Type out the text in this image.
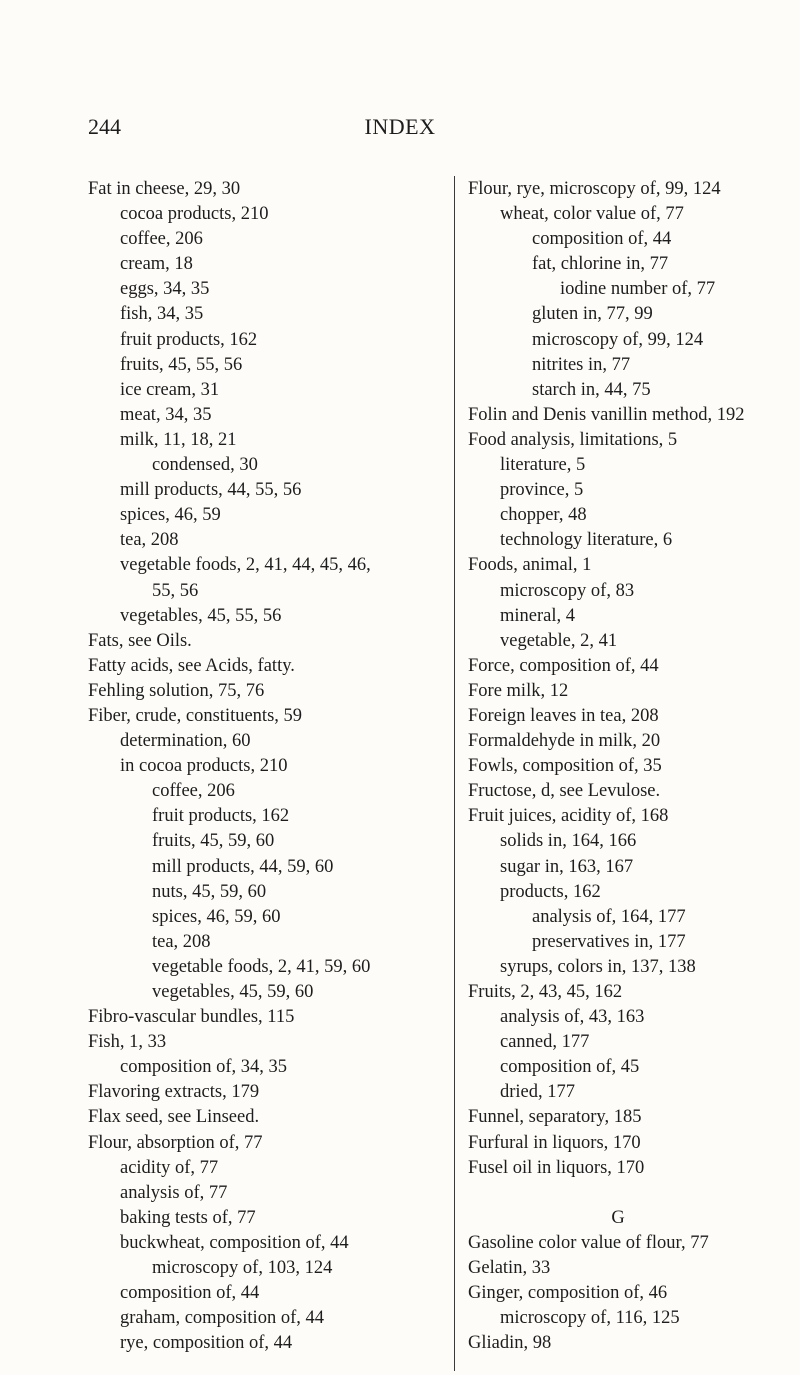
244	INDEX
Fat in cheese, 29, 30
cocoa products, 210
coffee, 206
cream, 18
eggs, 34, 35
fish, 34, 35
fruit products, 162
fruits, 45, 55, 56
ice cream, 31
meat, 34, 35
milk, 11, 18, 21
condensed, 30
mill products, 44, 55, 56
spices, 46, 59
tea, 208
vegetable foods, 2, 41, 44, 45, 46,
55, 56
vegetables, 45, 55, 56
Fats, see Oils.
Fatty acids, see Acids, fatty.
Fehling solution, 75, 76
Fiber, crude, constituents, 59
determination, 60
in cocoa products, 210
coffee, 206
fruit products, 162
fruits, 45, 59, 60
mill products, 44, 59, 60
nuts, 45, 59, 60
spices, 46, 59, 60
tea, 208
vegetable foods, 2, 41, 59, 60
vegetables, 45, 59, 60
Fibro-vascular bundles, 115
Fish, 1, 33
composition of, 34, 35
Flavoring extracts, 179
Flax seed, see Linseed.
Flour, absorption of, 77
acidity of, 77
analysis of, 77
baking tests of, 77
buckwheat, composition of, 44
microscopy of, 103, 124
composition of, 44
graham, composition of, 44
rye, composition of, 44
Flour, rye, microscopy of, 99, 124
wheat, color value of, 77
composition of, 44
fat, chlorine in, 77
iodine number of, 77
gluten in, 77, 99
microscopy of, 99, 124
nitrites in, 77
starch in, 44, 75
Folin and Denis vanillin method, 192
Food analysis, limitations, 5
literature, 5
province, 5
chopper, 48
technology literature, 6
Foods, animal, 1
microscopy of, 83
mineral, 4
vegetable, 2, 41
Force, composition of, 44
Fore milk, 12
Foreign leaves in tea, 208
Formaldehyde in milk, 20
Fowls, composition of, 35
Fructose, d, see Levulose.
Fruit juices, acidity of, 168
solids in, 164, 166
sugar in, 163, 167
products, 162
analysis of, 164, 177
preservatives in, 177
syrups, colors in, 137, 138
Fruits, 2, 43, 45, 162
analysis of, 43, 163
canned, 177
composition of, 45
dried, 177
Funnel, separatory, 185
Furfural in liquors, 170
Fusel oil in liquors, 170
G
Gasoline color value of flour, 77
Gelatin, 33
Ginger, composition of, 46
microscopy of, 116, 125
Gliadin, 98
